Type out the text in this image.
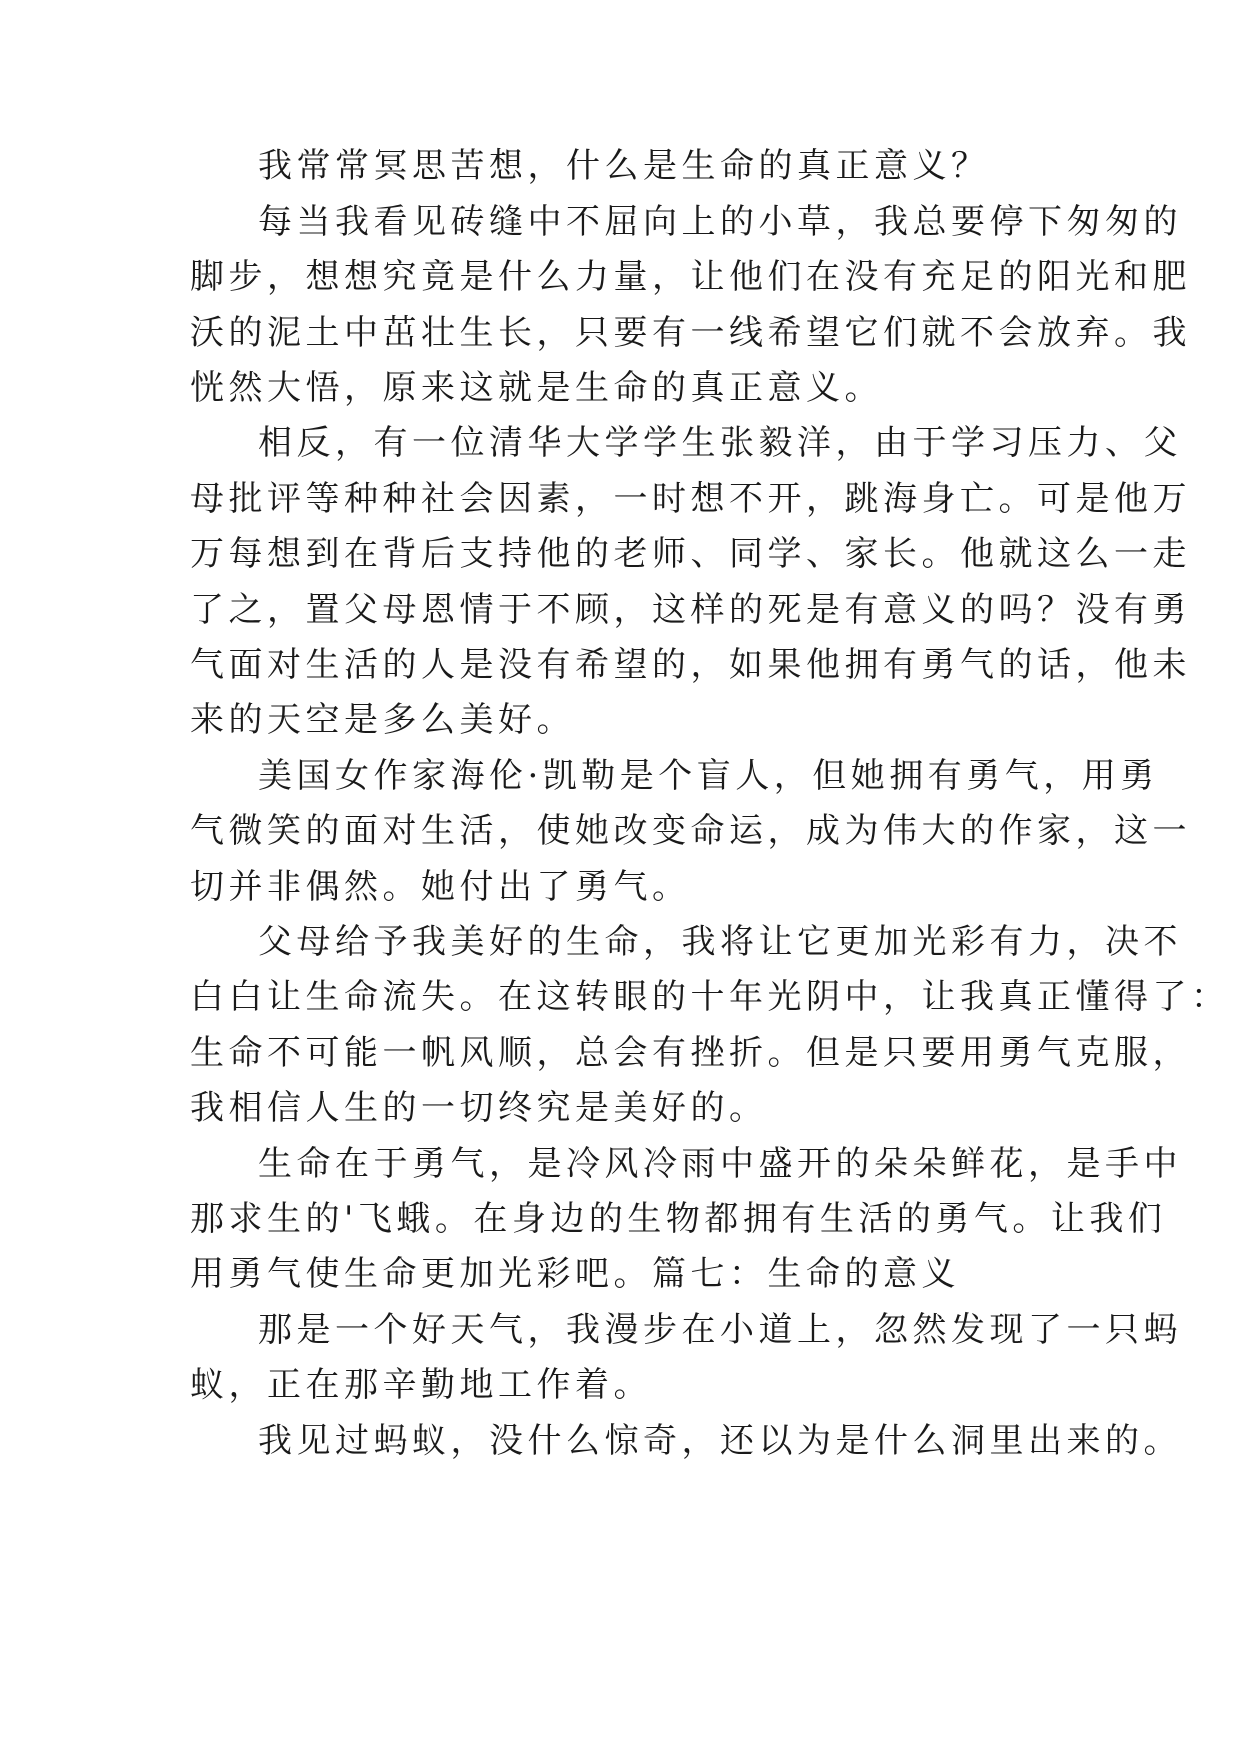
我常常冥思苦想，什么是生命的真正意义？
每当我看见砖缝中不屈向上的小草，我总要停下匆匆的
脚步，想想究竟是什么力量，让他们在没有充足的阳光和肥
沃的泥土中茁壮生长，只要有一线希望它们就不会放弃。我
恍然大悟，原来这就是生命的真正意义。
相反，有一位清华大学学生张毅洋，由于学习压力、父
母批评等种种社会因素，一时想不开，跳海身亡。可是他万
万每想到在背后支持他的老师、同学、家长。他就这么一走
了之，置父母恩情于不顾，这样的死是有意义的吗？没有勇
气面对生活的人是没有希望的，如果他拥有勇气的话，他未
来的天空是多么美好。
美国女作家海伦·凯勒是个盲人，但她拥有勇气，用勇
气微笑的面对生活，使她改变命运，成为伟大的作家，这一
切并非偶然。她付出了勇气。
父母给予我美好的生命，我将让它更加光彩有力，决不
白白让生命流失。在这转眼的十年光阴中，让我真正懂得了：
生命不可能一帆风顺，总会有挫折。但是只要用勇气克服，
我相信人生的一切终究是美好的。
生命在于勇气，是冷风冷雨中盛开的朵朵鲜花，是手中
那求生的'飞蛾。在身边的生物都拥有生活的勇气。让我们
用勇气使生命更加光彩吧。篇七：生命的意义
那是一个好天气，我漫步在小道上，忽然发现了一只蚂
蚁，正在那辛勤地工作着。
我见过蚂蚁，没什么惊奇，还以为是什么洞里出来的。
